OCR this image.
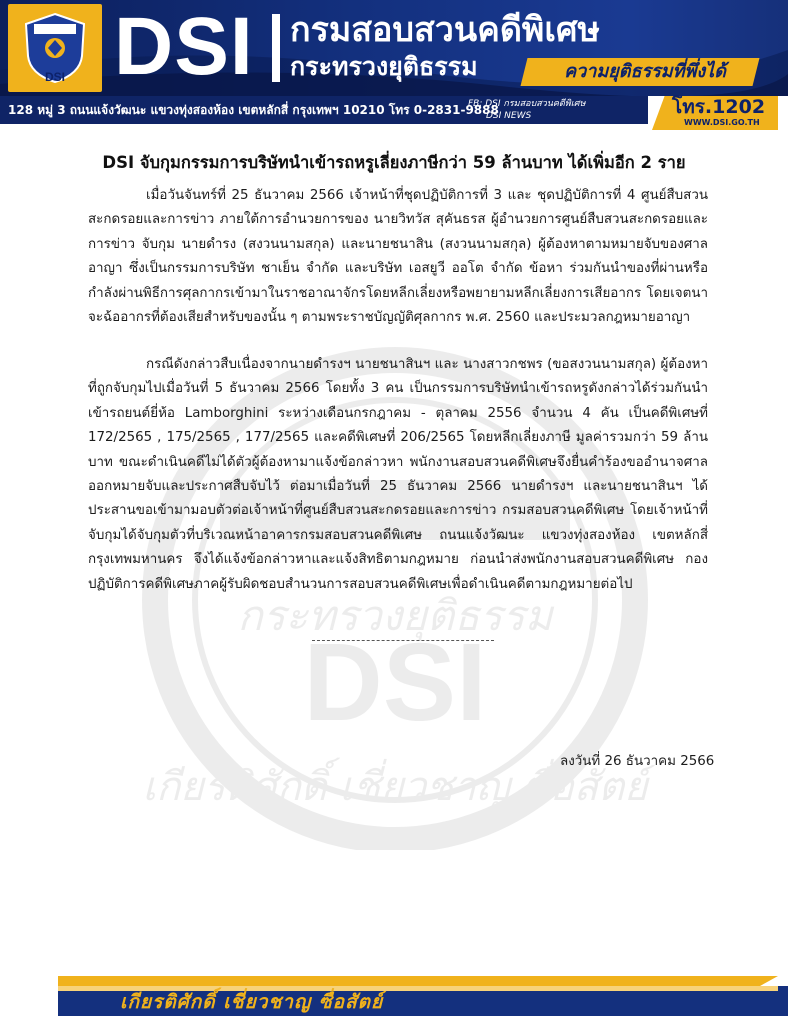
DSI DSI กรมสอบสวนคดีพิเศษ
กระทรวงยุติธรรม	ความยุติธรรมที่พึ่งได้
128 หมู่ 3 ถนนแจ้งวัฒนะ แขวงทุ่งสองห้อง เขตหลักสี่ กรุงเทพฯ 10210 โทร 0-2831-9888
FB: DSI กรมสอบสวนคดีพิเศษ
DSI NEWS	โทร.1202
WWW.DSI.GO.TH
DSI
กระทรวงยุติธรรม
เกียรติศักดิ์ เชี่ยวชาญ ซื่อสัตย์
DSI จับกุมกรรมการบริษัทนำเข้ารถหรูเลี่ยงภาษีกว่า 59 ล้านบาท ได้เพิ่มอีก 2 ราย

เมื่อวันจันทร์ที่ 25 ธันวาคม 2566 เจ้าหน้าที่ชุดปฏิบัติการที่ 3 และ ชุดปฏิบัติการที่ 4 ศูนย์สืบสวนสะกดรอยและการข่าว ภายใต้การอำนวยการของ นายวิทวัส สุคันธรส ผู้อำนวยการศูนย์สืบสวนสะกดรอยและการข่าว จับกุม นายดำรง (สงวนนามสกุล) และนายชนาสิน (สงวนนามสกุล) ผู้ต้องหาตามหมายจับของศาลอาญา ซึ่งเป็นกรรมการบริษัท ชาเย็น จำกัด และบริษัท เอสยูวี ออโต จำกัด ข้อหา ร่วมกันนำของที่ผ่านหรือกำลังผ่านพิธีการศุลกากรเข้ามาในราชอาณาจักรโดยหลีกเลี่ยงหรือพยายามหลีกเลี่ยงการเสียอากร โดยเจตนาจะฉ้ออากรที่ต้องเสียสำหรับของนั้น ๆ ตามพระราชบัญญัติศุลกากร พ.ศ. 2560 และประมวลกฎหมายอาญา

กรณีดังกล่าวสืบเนื่องจากนายดำรงฯ นายชนาสินฯ และ นางสาวกชพร (ขอสงวนนามสกุล) ผู้ต้องหาที่ถูกจับกุมไปเมื่อวันที่ 5 ธันวาคม 2566 โดยทั้ง 3 คน เป็นกรรมการบริษัทนำเข้ารถหรูดังกล่าวได้ร่วมกันนำเข้ารถยนต์ยี่ห้อ Lamborghini ระหว่างเดือนกรกฎาคม - ตุลาคม 2556 จำนวน 4 คัน เป็นคดีพิเศษที่ 172/2565 , 175/2565 , 177/2565 และคดีพิเศษที่ 206/2565 โดยหลีกเลี่ยงภาษี มูลค่ารวมกว่า 59 ล้านบาท ขณะดำเนินคดีไม่ได้ตัวผู้ต้องหามาแจ้งข้อกล่าวหา พนักงานสอบสวนคดีพิเศษจึงยื่นคำร้องขออำนาจศาลออกหมายจับและประกาศสืบจับไว้ ต่อมาเมื่อวันที่ 25 ธันวาคม 2566 นายดำรงฯ และนายชนาสินฯ ได้ประสานขอเข้ามามอบตัวต่อเจ้าหน้าที่ศูนย์สืบสวนสะกดรอยและการข่าว กรมสอบสวนคดีพิเศษ โดยเจ้าหน้าที่จับกุมได้จับกุมตัวที่บริเวณหน้าอาคารกรมสอบสวนคดีพิเศษ ถนนแจ้งวัฒนะ แขวงทุ่งสองห้อง เขตหลักสี่ กรุงเทพมหานคร จึงได้แจ้งข้อกล่าวหาและแจ้งสิทธิตามกฎหมาย ก่อนนำส่งพนักงานสอบสวนคดีพิเศษ กองปฏิบัติการคดีพิเศษภาคผู้รับผิดชอบสำนวนการสอบสวนคดีพิเศษเพื่อดำเนินคดีตามกฎหมายต่อไป

ลงวันที่ 26 ธันวาคม 2566
เกียรติศักดิ์ เชี่ยวชาญ ซื่อสัตย์
